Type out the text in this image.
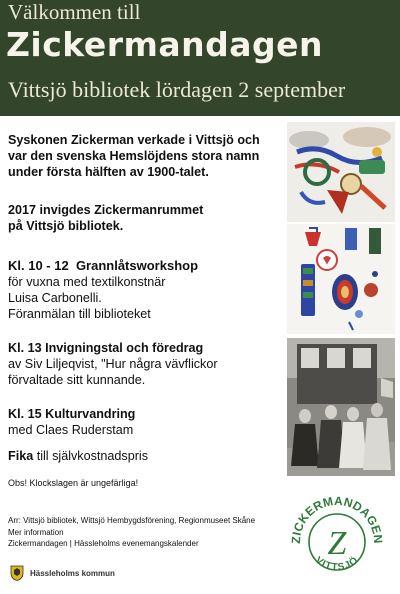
Välkommen till
Zickermandagen
Vittsjö bibliotek lördagen 2 september
Syskonen Zickerman verkade i Vittsjö och
var den svenska Hemslöjdens stora namn
under första hälften av 1900-talet.
2017 invigdes Zickermanrummet
på Vittsjö bibliotek.
Kl. 10 - 12 Grannlåtsworkshop
för vuxna med textilkonstnär
Luisa Carbonelli.
Föranmälan till biblioteket
Kl. 13 Invigningstal och föredrag
av Siv Liljeqvist, "Hur några vävflickor
förvaltade sitt kunnande.
Kl. 15 Kulturvandring
med Claes Ruderstam
Fika till självkostnadspris
Obs! Klockslagen är ungefärliga!
Arr: Vittsjö bibliotek, Wittsjö Hembygdsförening, Regionmuseet Skåne
Mer information
Zickermandagen | Hässleholms evenemangskalender
Hässleholms kommun
ZICKERMANDAGEN
VITTSJÖ
Z
